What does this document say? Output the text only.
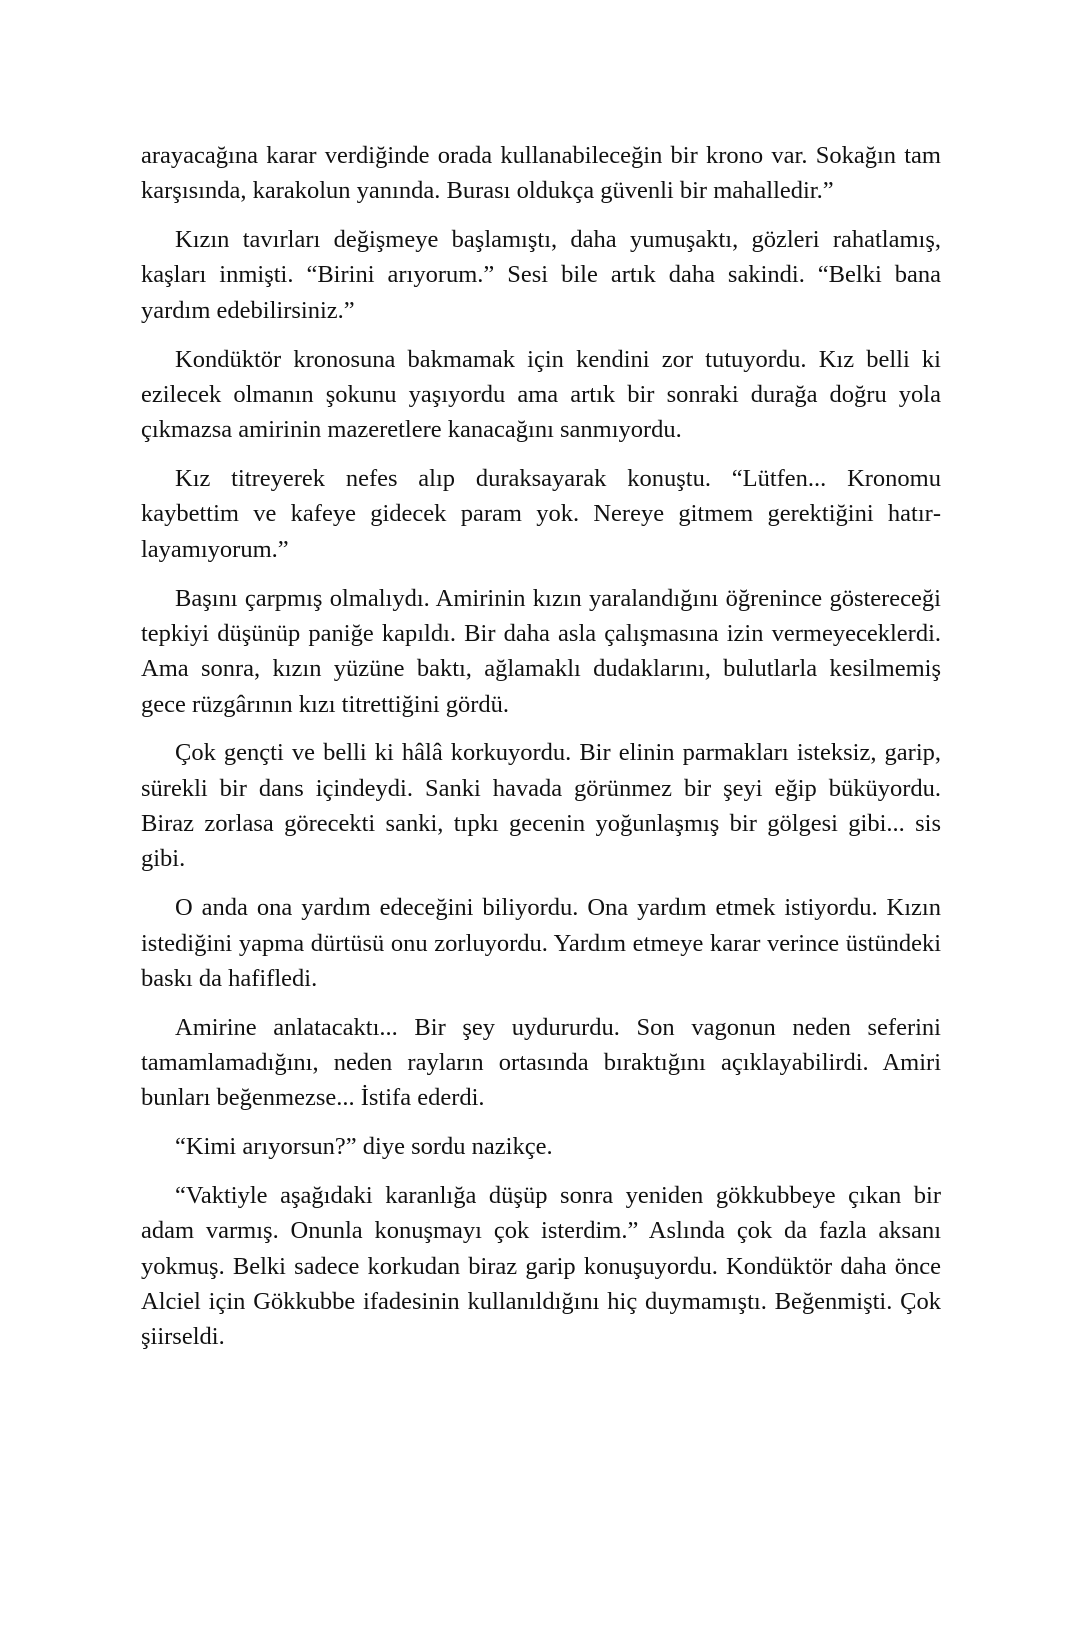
arayacağına karar verdiğinde orada kullanabileceğin bir krono var. Sokağın tam karşısında, karakolun yanında. Burası oldukça güvenli bir mahalledir.”

Kızın tavırları değişmeye başlamıştı, daha yumuşaktı, gözleri rahatlamış, kaşları inmişti. “Birini arıyorum.” Sesi bile artık daha sakindi. “Belki bana yardım edebilirsiniz.”

Kondüktör kronosuna bakmamak için kendini zor tutuyordu. Kız belli ki ezilecek olmanın şokunu yaşıyordu ama artık bir sonraki durağa doğru yola çıkmazsa amirinin mazeretlere kanacağını sanmıyordu.

Kız titreyerek nefes alıp duraksayarak konuştu. “Lütfen... Kronomu kaybettim ve kafeye gidecek param yok. Nereye gitmem gerektiğini hatırlayamıyorum.”

Başını çarpmış olmalıydı. Amirinin kızın yaralandığını öğrenince göstereceği tepkiyi düşünüp paniğe kapıldı. Bir daha asla çalışmasına izin vermeyeceklerdi. Ama sonra, kızın yüzüne baktı, ağlamaklı dudaklarını, bulutlarla kesilmemiş gece rüzgârının kızı titrettiğini gördü.

Çok gençti ve belli ki hâlâ korkuyordu. Bir elinin parmakları isteksiz, garip, sürekli bir dans içindeydi. Sanki havada görünmez bir şeyi eğip büküyordu. Biraz zorlasa görecekti sanki, tıpkı gecenin yoğunlaşmış bir gölgesi gibi... sis gibi.

O anda ona yardım edeceğini biliyordu. Ona yardım etmek istiyordu. Kızın istediğini yapma dürtüsü onu zorluyordu. Yardım etmeye karar verince üstündeki baskı da hafifledi.

Amirine anlatacaktı... Bir şey uydururdu. Son vagonun neden seferini tamamlamadığını, neden rayların ortasında bıraktığını açıklayabilirdi. Amiri bunları beğenmezse... İstifa ederdi.

“Kimi arıyorsun?” diye sordu nazikçe.

“Vaktiyle aşağıdaki karanlığa düşüp sonra yeniden gökkubbeye çıkan bir adam varmış. Onunla konuşmayı çok isterdim.” Aslında çok da fazla aksanı yokmuş. Belki sadece korkudan biraz garip konuşuyordu. Kondüktör daha önce Alciel için Gökkubbe ifadesinin kullanıldığını hiç duymamıştı. Beğenmişti. Çok şiirseldi.
